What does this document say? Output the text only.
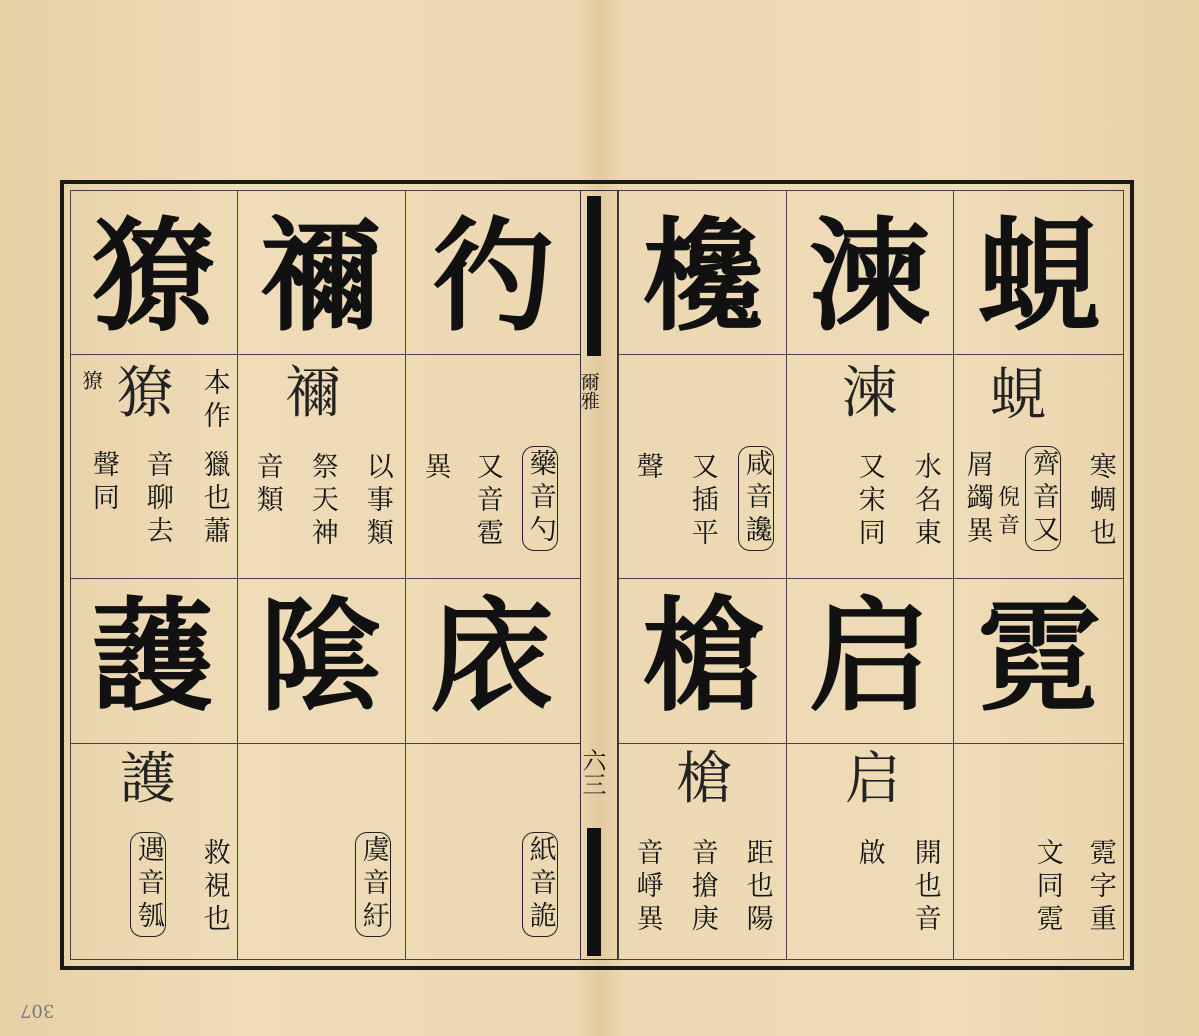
爾雅
六三
蜆
湅
欃
彴
禰
獠
蜆
湅
禰
獠
獠
寒蜩也
齊音又
倪音
屑蠲異
水名東
又宋同
咸音讒
又插平
聲
藥音勺
又音雹
異
以事類
祭天神
音類
本作
獵也蕭
音聊去
聲同
霓
启
槍
庡
隂
䕶
启
槍
護
霓字重
文同霓
開也音
啟
距也陽
音搶庚
音崢異
紙音詭
虞音紆
救視也
遇音瓠
307
